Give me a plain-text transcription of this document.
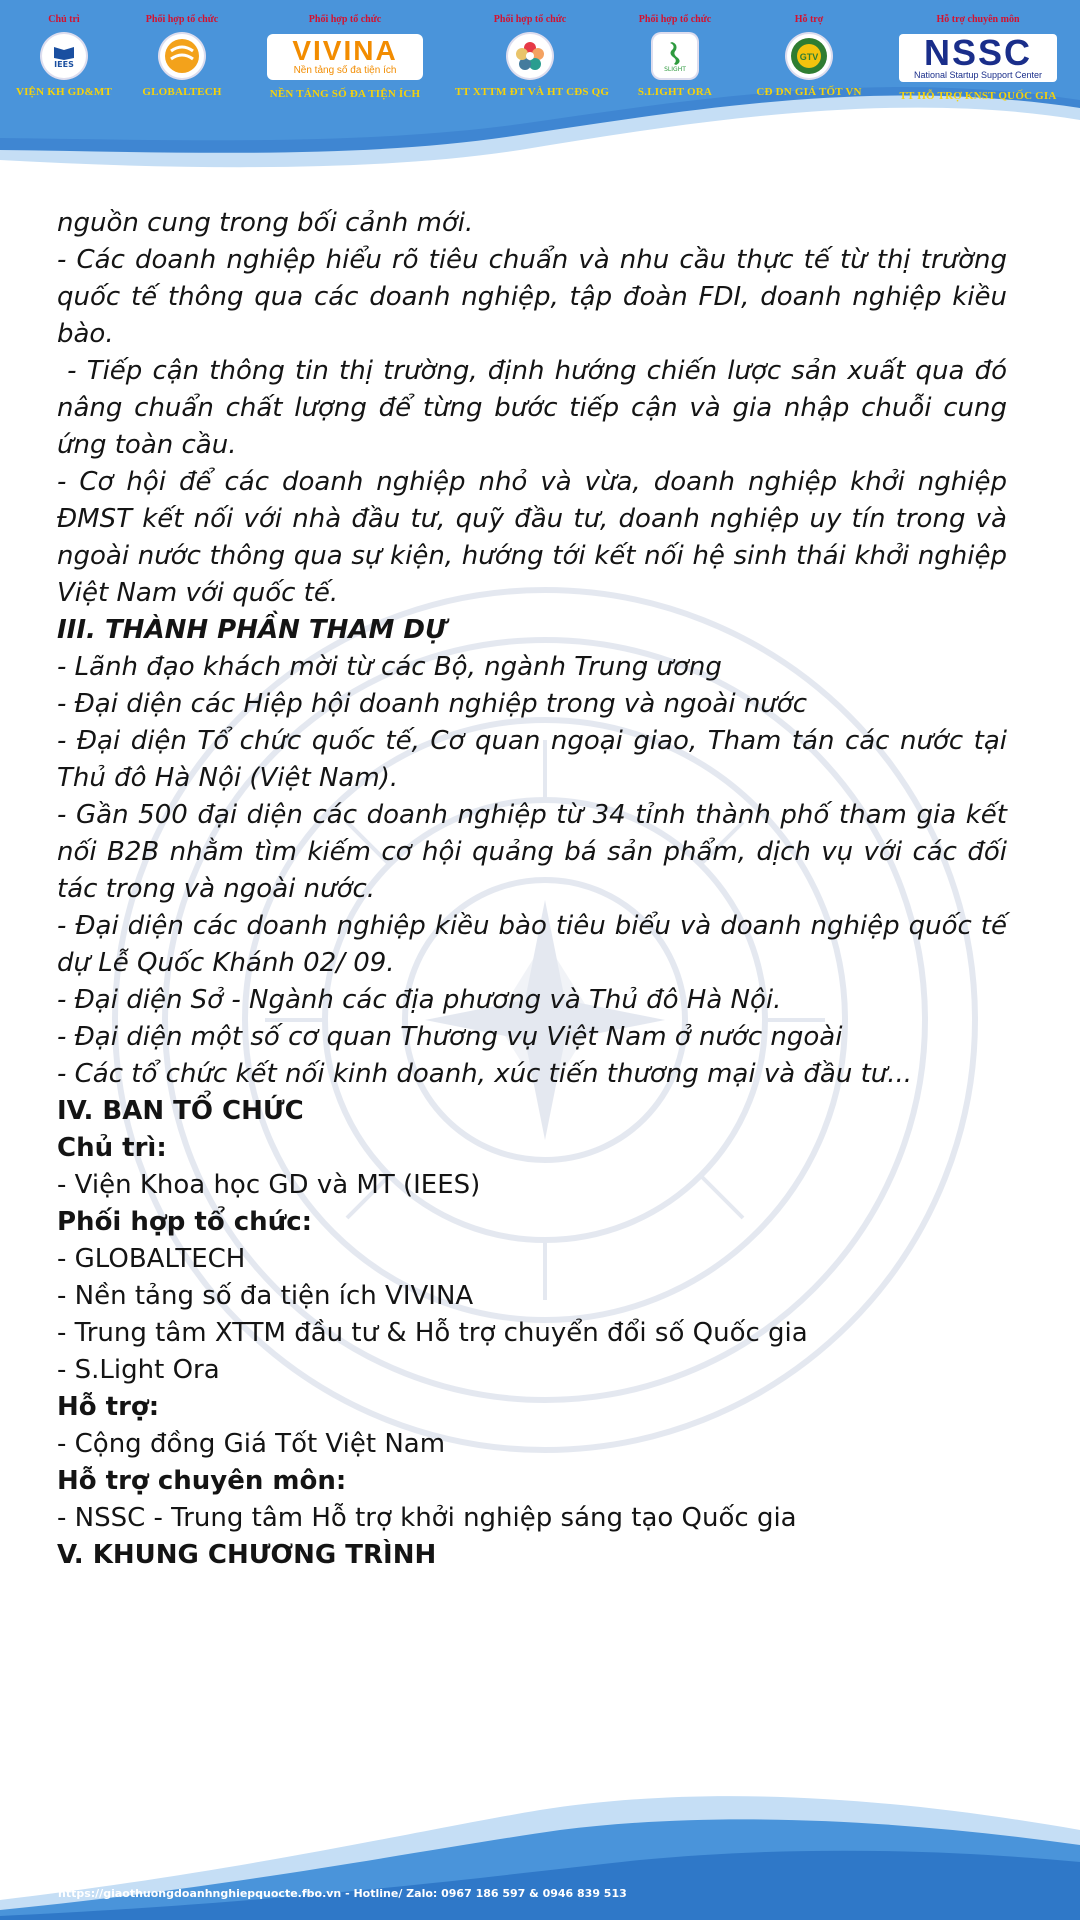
Chủ trì
IEES
VIỆN KH GD&MT
Phối hợp tổ chức
GLOBALTECH
Phối hợp tổ chức
VIVINA
Nền tảng số đa tiện ích
NỀN TẢNG SỐ ĐA TIỆN ÍCH
Phối hợp tổ chức
TT XTTM ĐT VÀ HT CĐS QG
Phối hợp tổ chức
SLIGHT
S.LIGHT ORA
Hỗ trợ
GTV
CĐ DN GIÁ TỐT VN
Hỗ trợ chuyên môn
NSSC
National Startup Support Center
TT HỖ TRỢ KNST QUỐC GIA

nguồn cung trong bối cảnh mới.

- Các doanh nghiệp hiểu rõ tiêu chuẩn và nhu cầu thực tế từ thị trường quốc tế thông qua các doanh nghiệp, tập đoàn FDI, doanh nghiệp kiều bào.

- Tiếp cận thông tin thị trường, định hướng chiến lược sản xuất qua đó nâng chuẩn chất lượng để từng bước tiếp cận và gia nhập chuỗi cung ứng toàn cầu.

- Cơ hội để các doanh nghiệp nhỏ và vừa, doanh nghiệp khởi nghiệp ĐMST kết nối với nhà đầu tư, quỹ đầu tư, doanh nghiệp uy tín trong và ngoài nước thông qua sự kiện, hướng tới kết nối hệ sinh thái khởi nghiệp Việt Nam với quốc tế.

III. THÀNH PHẦN THAM DỰ

- Lãnh đạo khách mời từ các Bộ, ngành Trung ương

- Đại diện các Hiệp hội doanh nghiệp trong và ngoài nước

- Đại diện Tổ chức quốc tế, Cơ quan ngoại giao, Tham tán các nước tại Thủ đô Hà Nội (Việt Nam).

- Gần 500 đại diện các doanh nghiệp từ 34 tỉnh thành phố tham gia kết nối B2B nhằm tìm kiếm cơ hội quảng bá sản phẩm, dịch vụ với các đối tác trong và ngoài nước.

- Đại diện các doanh nghiệp kiều bào tiêu biểu và doanh nghiệp quốc tế dự Lễ Quốc Khánh 02/ 09.

- Đại diện Sở - Ngành các địa phương và Thủ đô Hà Nội.

- Đại diện một số cơ quan Thương vụ Việt Nam ở nước ngoài

- Các tổ chức kết nối kinh doanh, xúc tiến thương mại và đầu tư...

IV. BAN TỔ CHỨC

Chủ trì:

- Viện Khoa học GD và MT (IEES)

Phối hợp tổ chức:

- GLOBALTECH

- Nền tảng số đa tiện ích VIVINA

- Trung tâm XTTM đầu tư & Hỗ trợ chuyển đổi số Quốc gia

- S.Light Ora

Hỗ trợ:

- Cộng đồng Giá Tốt Việt Nam

Hỗ trợ chuyên môn:

- NSSC - Trung tâm Hỗ trợ khởi nghiệp sáng tạo Quốc gia

V. KHUNG CHƯƠNG TRÌNH

https://giaothuongdoanhnghiepquocte.fbo.vn - Hotline/ Zalo: 0967 186 597 & 0946 839 513
